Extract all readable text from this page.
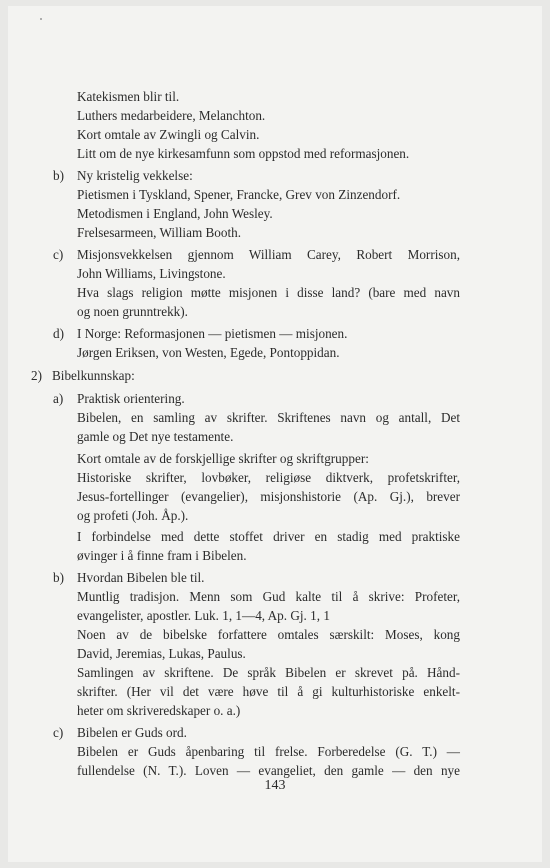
Katekismen blir til.
Luthers medarbeidere, Melanchton.
Kort omtale av Zwingli og Calvin.
Litt om de nye kirkesamfunn som oppstod med reformasjonen.
b) Ny kristelig vekkelse:
Pietismen i Tyskland, Spener, Francke, Grev von Zinzendorf.
Metodismen i England, John Wesley.
Frelsesarmeen, William Booth.
c) Misjonsvekkelsen gjennom William Carey, Robert Morrison,
John Williams, Livingstone.
Hva slags religion møtte misjonen i disse land? (bare med navn
og noen grunntrekk).
d) I Norge: Reformasjonen — pietismen — misjonen.
Jørgen Eriksen, von Westen, Egede, Pontoppidan.
2) Bibelkunnskap:
a) Praktisk orientering.
Bibelen, en samling av skrifter. Skriftenes navn og antall, Det
gamle og Det nye testamente.
Kort omtale av de forskjellige skrifter og skriftgrupper:
Historiske skrifter, lovbøker, religiøse diktverk, profetskrifter,
Jesus-fortellinger (evangelier), misjonshistorie (Ap. Gj.), brever
og profeti (Joh. Åp.).
I forbindelse med dette stoffet driver en stadig med praktiske
øvinger i å finne fram i Bibelen.
b) Hvordan Bibelen ble til.
Muntlig tradisjon. Menn som Gud kalte til å skrive: Profeter,
evangelister, apostler. Luk. 1, 1—4, Ap. Gj. 1, 1
Noen av de bibelske forfattere omtales særskilt: Moses, kong
David, Jeremias, Lukas, Paulus.
Samlingen av skriftene. De språk Bibelen er skrevet på. Hånd-
skrifter. (Her vil det være høve til å gi kulturhistoriske enkelt-
heter om skriveredskaper o. a.)
c) Bibelen er Guds ord.
Bibelen er Guds åpenbaring til frelse. Forberedelse (G. T.) —
fullendelse (N. T.). Loven — evangeliet, den gamle — den nye
143
